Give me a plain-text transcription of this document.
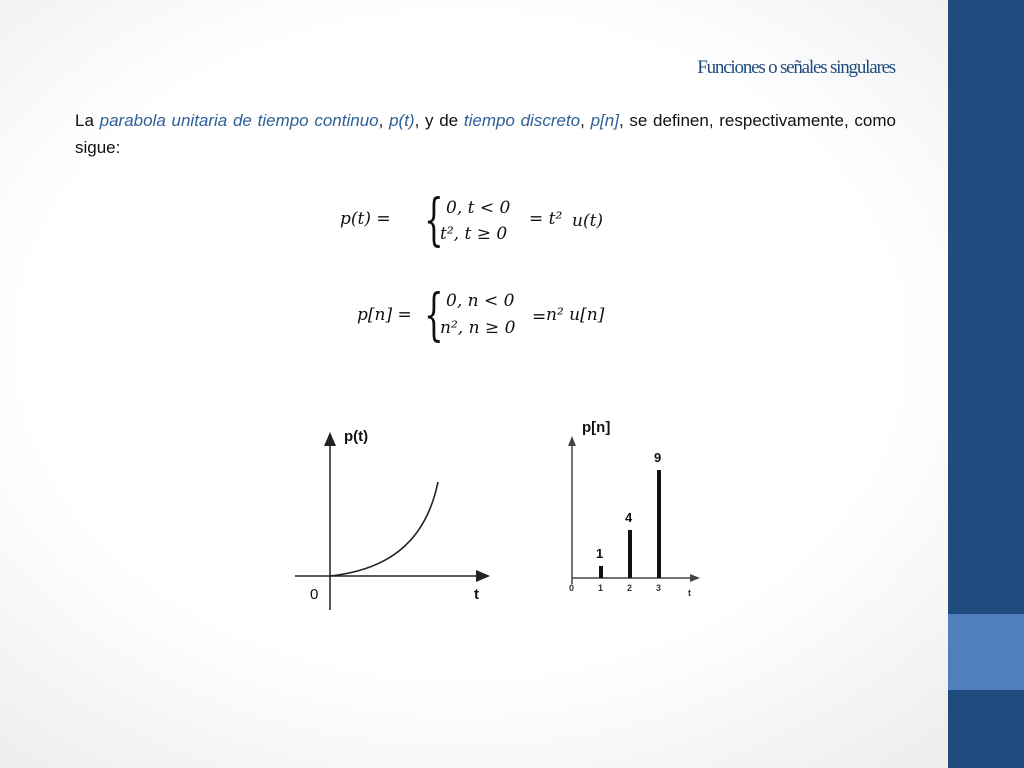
Funciones o señales singulares
La parabola unitaria de tiempo continuo, p(t), y de tiempo discreto, p[n], se definen, respectivamente, como sigue:
p(t) = { 0, t < 0
t², t ≥ 0
= t² u(t)
p[n] = { 0, n < 0
n², n ≥ 0
= n² u[n]
p(t)
0	t
p[n]
0	t
1	2	3
1
4
9
